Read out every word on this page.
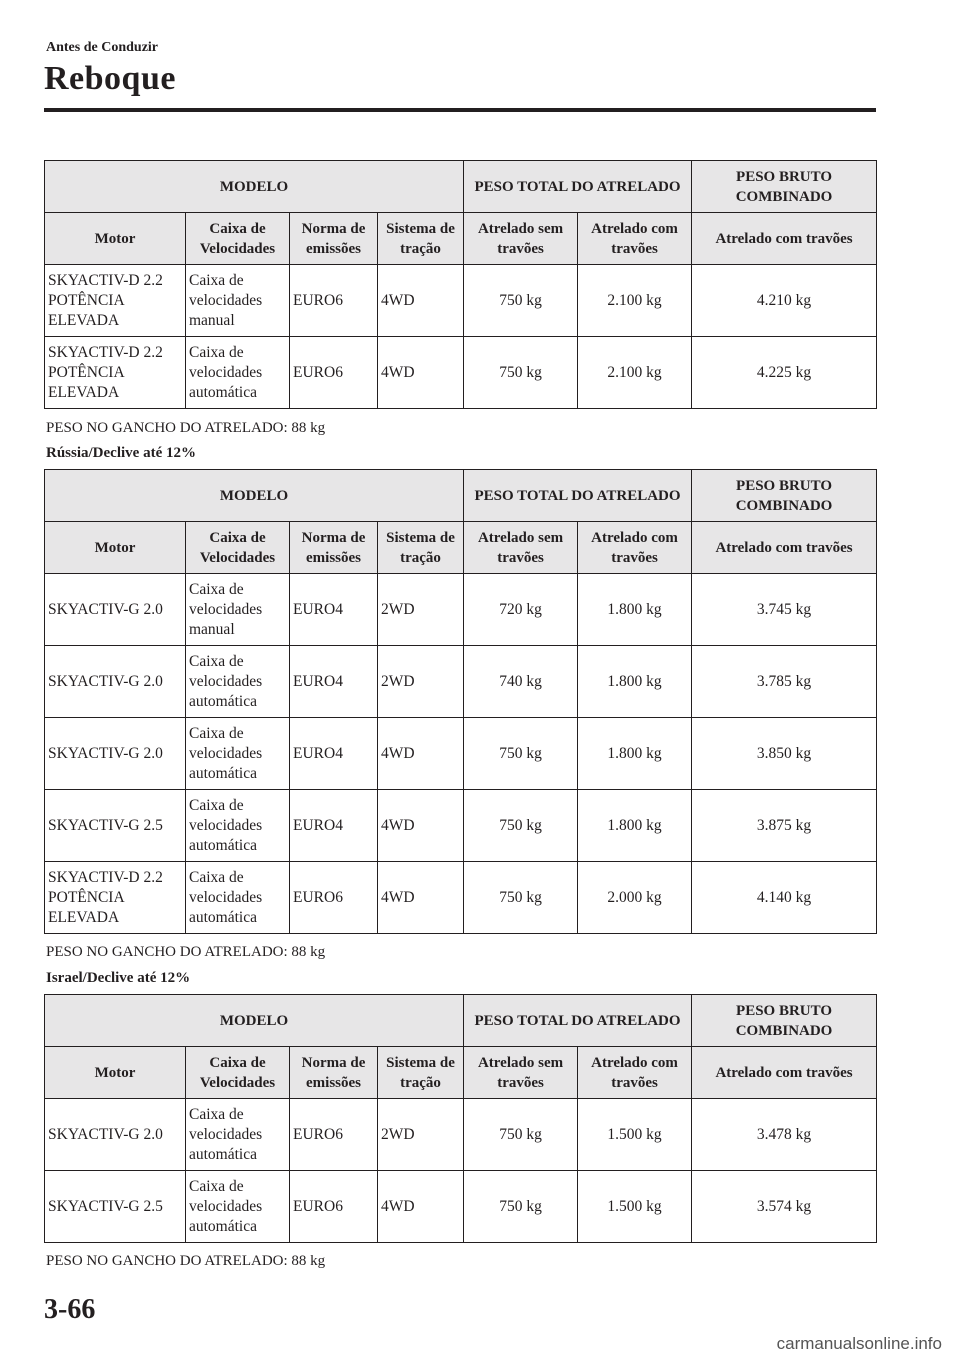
Antes de Conduzir
Reboque
MODELO				PESO TOTAL DO ATRELADO		PESO BRUTO COMBINADO
Motor	Caixa de Velocidades	Norma de emissões	Sistema de tração	Atrelado sem travões	Atrelado com travões	Atrelado com travões
SKYACTIV-D 2.2 POTÊNCIA ELEVADA	Caixa de velocidades manual	EURO6	4WD	750 kg	2.100 kg	4.210 kg
SKYACTIV-D 2.2 POTÊNCIA ELEVADA	Caixa de velocidades automática	EURO6	4WD	750 kg	2.100 kg	4.225 kg
PESO NO GANCHO DO ATRELADO: 88 kg
Rússia/Declive até 12%
MODELO				PESO TOTAL DO ATRELADO		PESO BRUTO COMBINADO
Motor	Caixa de Velocidades	Norma de emissões	Sistema de tração	Atrelado sem travões	Atrelado com travões	Atrelado com travões
SKYACTIV-G 2.0	Caixa de velocidades manual	EURO4	2WD	720 kg	1.800 kg	3.745 kg
SKYACTIV-G 2.0	Caixa de velocidades automática	EURO4	2WD	740 kg	1.800 kg	3.785 kg
SKYACTIV-G 2.0	Caixa de velocidades automática	EURO4	4WD	750 kg	1.800 kg	3.850 kg
SKYACTIV-G 2.5	Caixa de velocidades automática	EURO4	4WD	750 kg	1.800 kg	3.875 kg
SKYACTIV-D 2.2 POTÊNCIA ELEVADA	Caixa de velocidades automática	EURO6	4WD	750 kg	2.000 kg	4.140 kg
PESO NO GANCHO DO ATRELADO: 88 kg
Israel/Declive até 12%
MODELO				PESO TOTAL DO ATRELADO		PESO BRUTO COMBINADO
Motor	Caixa de Velocidades	Norma de emissões	Sistema de tração	Atrelado sem travões	Atrelado com travões	Atrelado com travões
SKYACTIV-G 2.0	Caixa de velocidades automática	EURO6	2WD	750 kg	1.500 kg	3.478 kg
SKYACTIV-G 2.5	Caixa de velocidades automática	EURO6	4WD	750 kg	1.500 kg	3.574 kg
PESO NO GANCHO DO ATRELADO: 88 kg
3-66
carmanualsonline.info
